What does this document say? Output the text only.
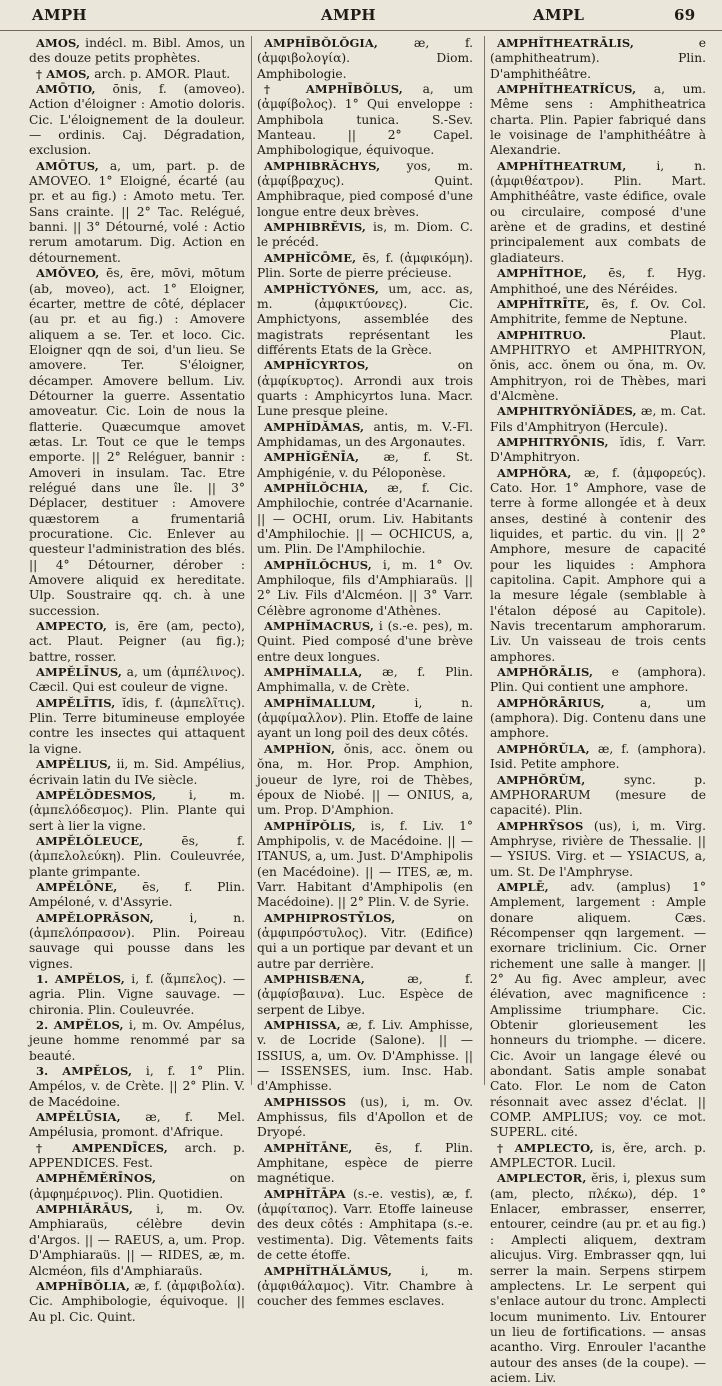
AMPH	AMPH	AMPL	69

AMOS, indécl. m. Bibl. Amos, un des douze petits prophètes.

† AMOS, arch. p. AMOR. Plaut.

AMŌTIO, ōnis, f. (amoveo). Action d'éloigner : Amotio doloris. Cic. L'éloignement de la douleur. — ordinis. Caj. Dégradation, exclusion.

AMŌTUS, a, um, part. p. de AMOVEO. 1° Eloigné, écarté (au pr. et au fig.) : Amoto metu. Ter. Sans crainte. || 2° Tac. Relégué, banni. || 3° Détourné, volé : Actio rerum amotarum. Dig. Action en détournement.

AMŎVEO, ēs, ēre, mōvi, mōtum (ab, moveo), act. 1° Eloigner, écarter, mettre de côté, déplacer (au pr. et au fig.) : Amovere aliquem a se. Ter. et loco. Cic. Eloigner qqn de soi, d'un lieu. Se amovere. Ter. S'éloigner, décamper. Amovere bellum. Liv. Détourner la guerre. Assentatio amoveatur. Cic. Loin de nous la flatterie. Quæcumque amovet ætas. Lr. Tout ce que le temps emporte. || 2° Reléguer, bannir : Amoveri in insulam. Tac. Etre relégué dans une île. || 3° Déplacer, destituer : Amovere quæstorem a frumentariâ procuratione. Cic. Enlever au questeur l'administration des blés. || 4° Détourner, dérober : Amovere aliquid ex hereditate. Ulp. Soustraire qq. ch. à une succession.

AMPECTO, is, ēre (am, pecto), act. Plaut. Peigner (au fig.); battre, rosser.

AMPĔLĪNUS, a, um (ἀμπέλινος). Cæcil. Qui est couleur de vigne.

AMPĔLĪTIS, ĭdis, f. (ἀμπελῖτις). Plin. Terre bitumineuse employée contre les insectes qui attaquent la vigne.

AMPĔLIUS, ii, m. Sid. Ampélius, écrivain latin du IVe siècle.

AMPĔLŎDESMOS, i, m. (ἀμπελόδεσμος). Plin. Plante qui sert à lier la vigne.

AMPĔLŎLEUCE, ēs, f. (ἀμπελολεύκη). Plin. Couleuvrée, plante grimpante.

AMPĔLŌNE, ēs, f. Plin. Ampéloné, v. d'Assyrie.

AMPĔLOPRĂSON, i, n. (ἀμπελόπρασον). Plin. Poireau sauvage qui pousse dans les vignes.

1. AMPĔLOS, i, f. (ἄμπελος). — agria. Plin. Vigne sauvage. — chironia. Plin. Couleuvrée.

2. AMPĔLOS, i, m. Ov. Ampélus, jeune homme renommé par sa beauté.

3. AMPĔLOS, i, f. 1° Plin. Ampélos, v. de Crète. || 2° Plin. V. de Macédoine.

AMPĔLŪSIA, æ, f. Mel. Ampélusia, promont. d'Afrique.

† AMPENDĪCES, arch. p. APPENDICES. Fest.

AMPHĒMĔRĪNOS, on (ἀμφημέρινος). Plin. Quotidien.

AMPHIĂRĀUS, i, m. Ov. Amphiaraüs, célèbre devin d'Argos. || — RAEUS, a, um. Prop. D'Amphiaraüs. || — RIDES, æ, m. Alcméon, fils d'Amphiaraüs.

AMPHĪBŎLIA, æ, f. (ἀμφιβολία). Cic. Amphibologie, équivoque. || Au pl. Cic. Quint.

AMPHĪBŎLŎGIA, æ, f. (ἀμφιβολογία). Diom. Amphibologie.

† AMPHĪBŎLUS, a, um (ἀμφίβολος). 1° Qui enveloppe : Amphibola tunica. S.-Sev. Manteau. || 2° Capel. Amphibologique, équivoque.

AMPHIBRĂCHYS, yos, m. (ἀμφίβραχυς). Quint. Amphibraque, pied composé d'une longue entre deux brèves.

AMPHIBRĔVIS, is, m. Diom. C. le précéd.

AMPHĬCŌME, ēs, f. (ἀμφικόμη). Plin. Sorte de pierre précieuse.

AMPHĬCTYŎNES, um, acc. as, m. (ἀμφικτύονες). Cic. Amphictyons, assemblée des magistrats représentant les différents Etats de la Grèce.

AMPHĬCYRTOS, on (ἀμφίκυρτος). Arrondi aux trois quarts : Amphicyrtos luna. Macr. Lune presque pleine.

AMPHĬDĂMAS, antis, m. V.-Fl. Amphidamas, un des Argonautes.

AMPHĬGĔNĪA, æ, f. St. Amphigénie, v. du Péloponèse.

AMPHĬLŎCHIA, æ, f. Cic. Amphilochie, contrée d'Acarnanie. || — OCHI, orum. Liv. Habitants d'Amphilochie. || — OCHICUS, a, um. Plin. De l'Amphilochie.

AMPHĬLŎCHUS, i, m. 1° Ov. Amphiloque, fils d'Amphiaraüs. || 2° Liv. Fils d'Alcméon. || 3° Varr. Célèbre agronome d'Athènes.

AMPHĬMACRUS, i (s.-e. pes), m. Quint. Pied composé d'une brève entre deux longues.

AMPHĬMALLA, æ, f. Plin. Amphimalla, v. de Crète.

AMPHĬMALLUM, i, n. (ἀμφίμαλλον). Plin. Etoffe de laine ayant un long poil des deux côtés.

AMPHĬON, ŏnis, acc. ŏnem ou ŏna, m. Hor. Prop. Amphion, joueur de lyre, roi de Thèbes, époux de Niobé. || — ONIUS, a, um. Prop. D'Amphion.

AMPHĬPŎLIS, is, f. Liv. 1° Amphipolis, v. de Macédoine. || — ITANUS, a, um. Just. D'Amphipolis (en Macédoine). || — ITES, æ, m. Varr. Habitant d'Amphipolis (en Macédoine). || 2° Plin. V. de Syrie.

AMPHIPROSTȲLOS, on (ἀμφιπρόστυλος). Vitr. (Edifice) qui a un portique par devant et un autre par derrière.

AMPHISBÆNA, æ, f. (ἀμφίσβαινα). Luc. Espèce de serpent de Libye.

AMPHISSA, æ, f. Liv. Amphisse, v. de Locride (Salone). || — ISSIUS, a, um. Ov. D'Amphisse. || — ISSENSES, ium. Insc. Hab. d'Amphisse.

AMPHISSOS (us), i, m. Ov. Amphissus, fils d'Apollon et de Dryopé.

AMPHĬTĀNE, ēs, f. Plin. Amphitane, espèce de pierre magnétique.

AMPHĬTĀPA (s.-e. vestis), æ, f. (ἀμφίταπος). Varr. Etoffe laineuse des deux côtés : Amphitapa (s.-e. vestimenta). Dig. Vêtements faits de cette étoffe.

AMPHĬTHĂLĂMUS, i, m. (ἀμφιθάλαμος). Vitr. Chambre à coucher des femmes esclaves.

AMPHĬTHEATRĀLIS, e (amphitheatrum). Plin. D'amphithéâtre.

AMPHĬTHEATRĬCUS, a, um. Même sens : Amphitheatrica charta. Plin. Papier fabriqué dans le voisinage de l'amphithéâtre à Alexandrie.

AMPHĬTHEATRUM, i, n. (ἀμφιθέατρον). Plin. Mart. Amphithéâtre, vaste édifice, ovale ou circulaire, composé d'une arène et de gradins, et destiné principalement aux combats de gladiateurs.

AMPHĬTHOE, ēs, f. Hyg. Amphithoé, une des Néréides.

AMPHĬTRĪTE, ēs, f. Ov. Col. Amphitrite, femme de Neptune.

AMPHITRUO. Plaut. AMPHITRYO et AMPHITRYON, ŏnis, acc. ŏnem ou ŏna, m. Ov. Amphitryon, roi de Thèbes, mari d'Alcmène.

AMPHITRYŎNĬĂDES, æ, m. Cat. Fils d'Amphitryon (Hercule).

AMPHITRYŌNIS, ĭdis, f. Varr. D'Amphitryon.

AMPHŎRA, æ, f. (ἀμφορεύς). Cato. Hor. 1° Amphore, vase de terre à forme allongée et à deux anses, destiné à contenir des liquides, et partic. du vin. || 2° Amphore, mesure de capacité pour les liquides : Amphora capitolina. Capit. Amphore qui a la mesure légale (semblable à l'étalon déposé au Capitole). Navis trecentarum amphorarum. Liv. Un vaisseau de trois cents amphores.

AMPHŎRĀLIS, e (amphora). Plin. Qui contient une amphore.

AMPHŎRĀRIUS, a, um (amphora). Dig. Contenu dans une amphore.

AMPHŎRŬLA, æ, f. (amphora). Isid. Petite amphore.

AMPHŎRŬM, sync. p. AMPHORARUM (mesure de capacité). Plin.

AMPHRȲSOS (us), i, m. Virg. Amphryse, rivière de Thessalie. || — YSIUS. Virg. et — YSIACUS, a, um. St. De l'Amphryse.

AMPLĒ, adv. (amplus) 1° Amplement, largement : Ample donare aliquem. Cæs. Récompenser qqn largement. — exornare triclinium. Cic. Orner richement une salle à manger. || 2° Au fig. Avec ampleur, avec élévation, avec magnificence : Amplissime triumphare. Cic. Obtenir glorieusement les honneurs du triomphe. — dicere. Cic. Avoir un langage élevé ou abondant. Satis ample sonabat Cato. Flor. Le nom de Caton résonnait avec assez d'éclat. || COMP. AMPLIUS; voy. ce mot. SUPERL. cité.

† AMPLECTO, is, ĕre, arch. p. AMPLECTOR. Lucil.

AMPLECTOR, ĕris, i, plexus sum (am, plecto, πλέκω), dép. 1° Enlacer, embrasser, enserrer, entourer, ceindre (au pr. et au fig.) : Amplecti aliquem, dextram alicujus. Virg. Embrasser qqn, lui serrer la main. Serpens stirpem amplectens. Lr. Le serpent qui s'enlace autour du tronc. Amplecti locum munimento. Liv. Entourer un lieu de fortifications. — ansas acantho. Virg. Enrouler l'acanthe autour des anses (de la coupe). — aciem. Liv.
